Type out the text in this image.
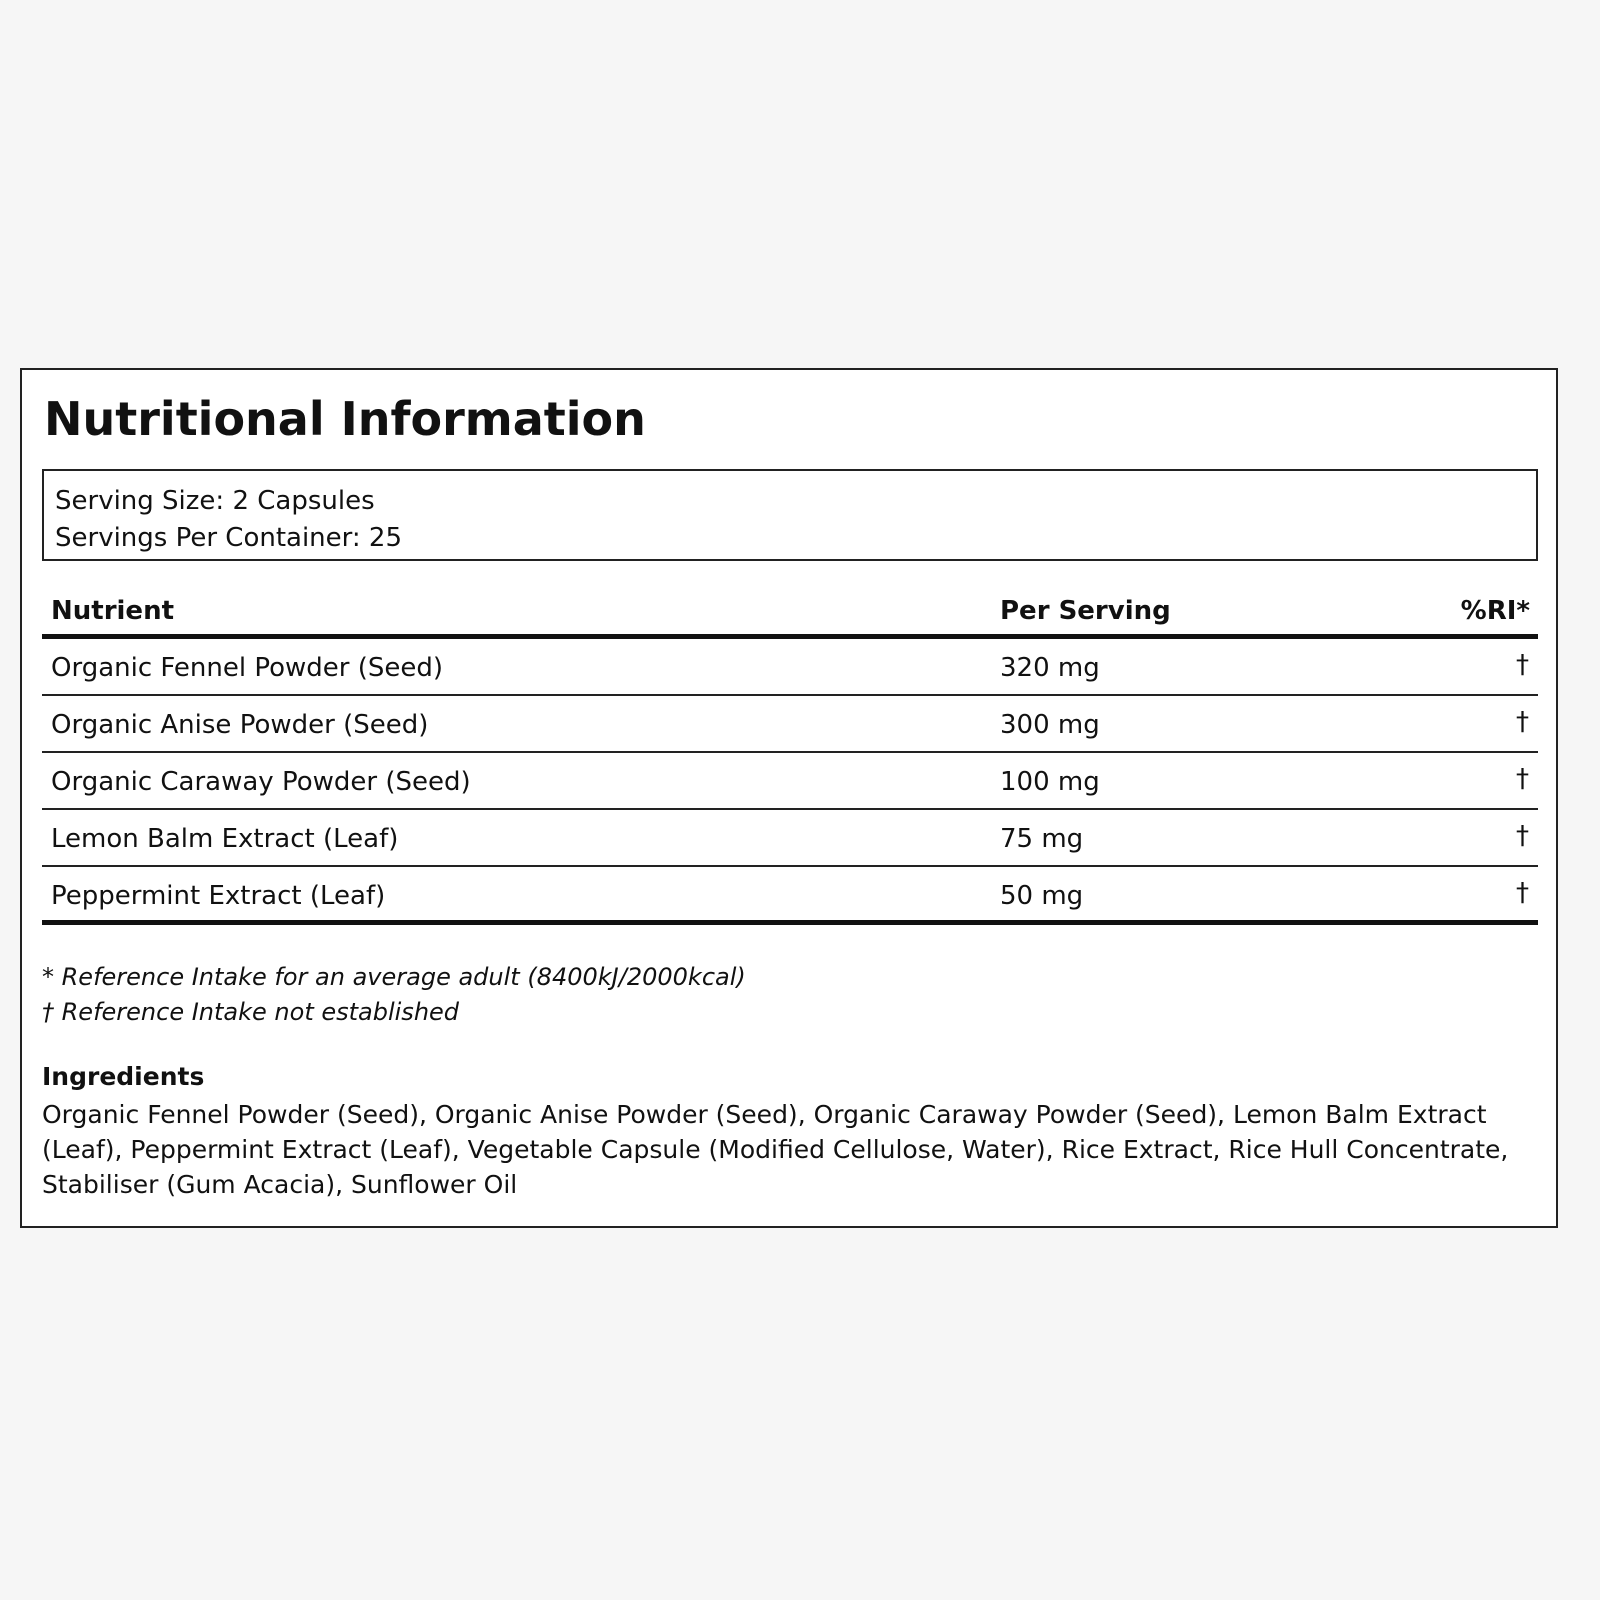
Nutritional Information
Serving Size: 2 Capsules
Servings Per Container: 25
Nutrient	Per Serving	%RI*
Organic Fennel Powder (Seed)	320 mg	†
Organic Anise Powder (Seed)	300 mg	†
Organic Caraway Powder (Seed)	100 mg	†
Lemon Balm Extract (Leaf)	75 mg	†
Peppermint Extract (Leaf)	50 mg	†
* Reference Intake for an average adult (8400kJ/2000kcal)
† Reference Intake not established
Ingredients

Organic Fennel Powder (Seed), Organic Anise Powder (Seed), Organic Caraway Powder (Seed), Lemon Balm Extract (Leaf), Peppermint Extract (Leaf), Vegetable Capsule (Modified Cellulose, Water), Rice Extract, Rice Hull Concentrate, Stabiliser (Gum Acacia), Sunflower Oil
